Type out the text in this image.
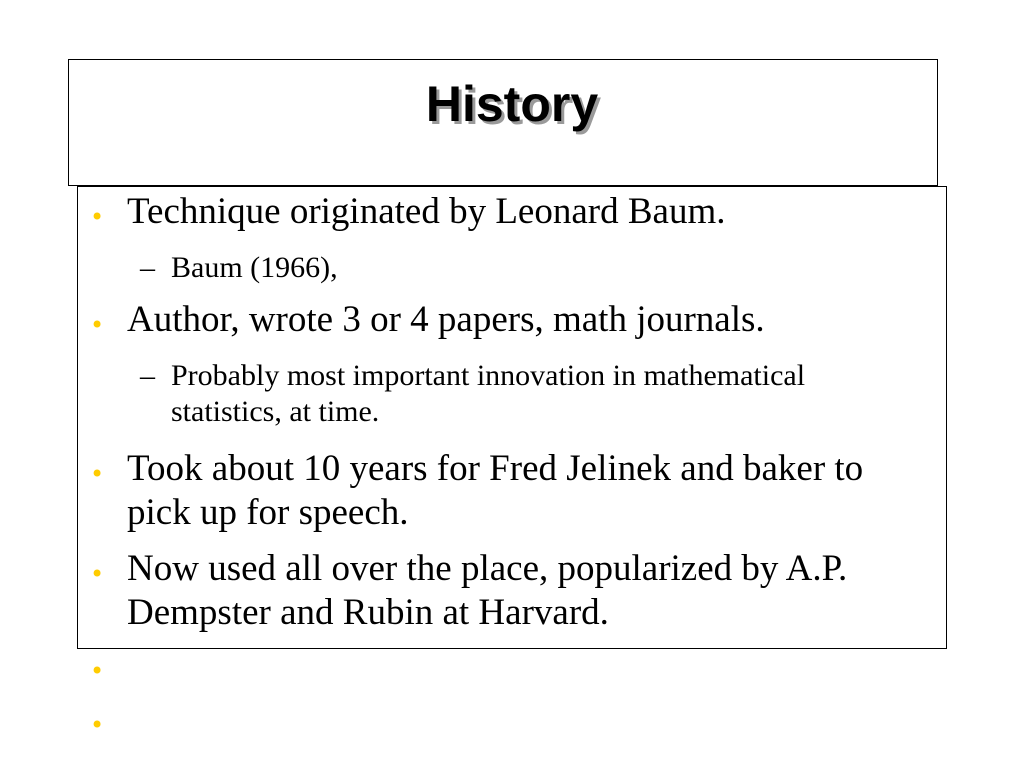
History
• Technique originated by Leonard Baum.

– Baum (1966),

• Author, wrote 3 or 4 papers, math journals.

– Probably most important innovation in mathematical statistics, at time.

• Took about 10 years for Fred Jelinek and baker to pick up for speech.

• Now used all over the place, popularized by A.P. Dempster and Rubin at Harvard.

•

•
